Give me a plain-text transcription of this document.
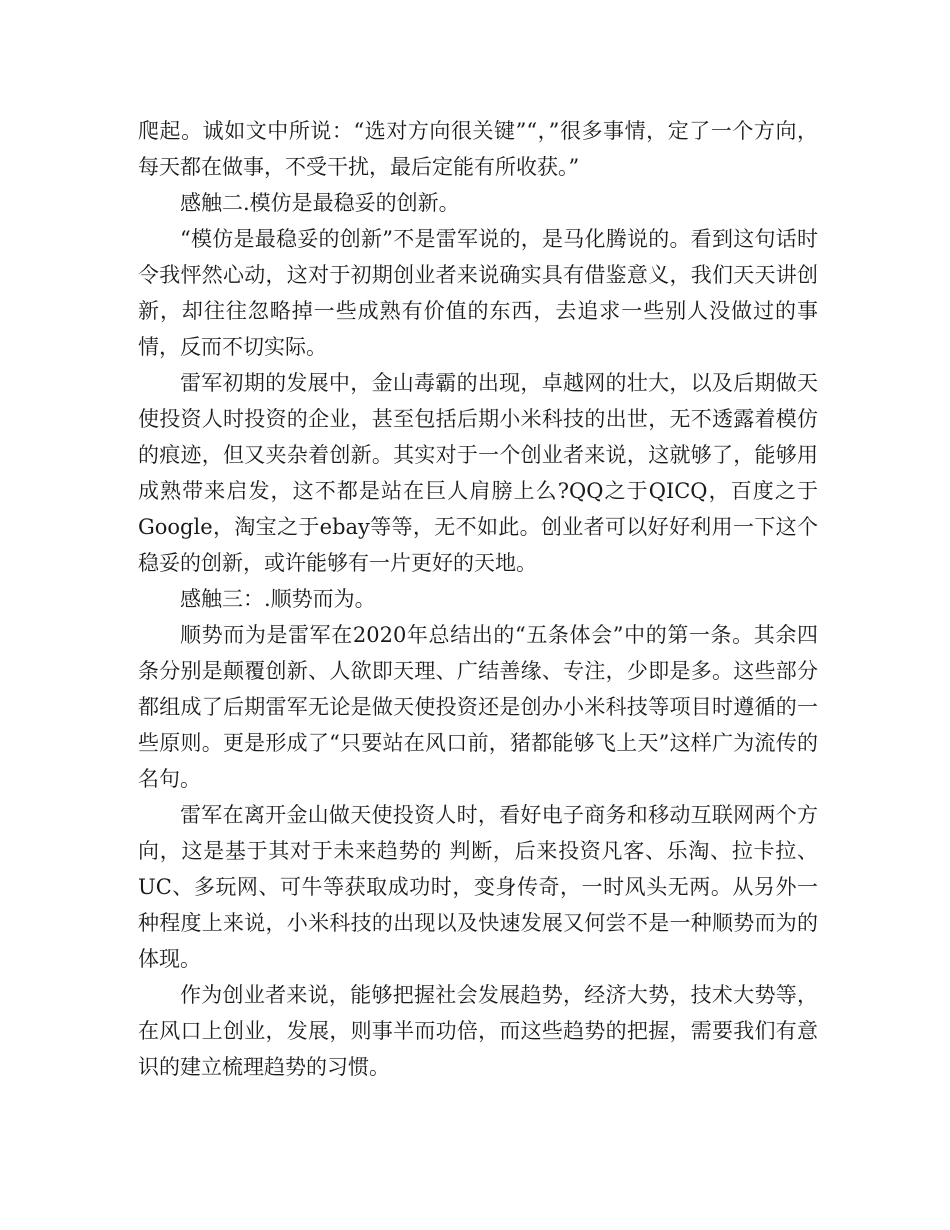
爬起。诚如文中所说：“选对方向很关键”“，”很多事情，定了一个方向，每天都在做事，不受干扰，最后定能有所收获。”

感触二.模仿是最稳妥的创新。

“模仿是最稳妥的创新”不是雷军说的，是马化腾说的。看到这句话时令我怦然心动，这对于初期创业者来说确实具有借鉴意义，我们天天讲创新，却往往忽略掉一些成熟有价值的东西，去追求一些别人没做过的事情，反而不切实际。

雷军初期的发展中，金山毒霸的出现，卓越网的壮大，以及后期做天使投资人时投资的企业，甚至包括后期小米科技的出世，无不透露着模仿的痕迹，但又夹杂着创新。其实对于一个创业者来说，这就够了，能够用成熟带来启发，这不都是站在巨人肩膀上么?QQ之于QICQ，百度之于Google，淘宝之于ebay等等，无不如此。创业者可以好好利用一下这个稳妥的创新，或许能够有一片更好的天地。

感触三：.顺势而为。

顺势而为是雷军在2020年总结出的“五条体会”中的第一条。其余四条分别是颠覆创新、人欲即天理、广结善缘、专注，少即是多。这些部分都组成了后期雷军无论是做天使投资还是创办小米科技等项目时遵循的一些原则。更是形成了“只要站在风口前，猪都能够飞上天”这样广为流传的名句。

雷军在离开金山做天使投资人时，看好电子商务和移动互联网两个方向，这是基于其对于未来趋势的 判断，后来投资凡客、乐淘、拉卡拉、UC、多玩网、可牛等获取成功时，变身传奇，一时风头无两。从另外一种程度上来说，小米科技的出现以及快速发展又何尝不是一种顺势而为的体现。

作为创业者来说，能够把握社会发展趋势，经济大势，技术大势等，在风口上创业，发展，则事半而功倍，而这些趋势的把握，需要我们有意识的建立梳理趋势的习惯。
